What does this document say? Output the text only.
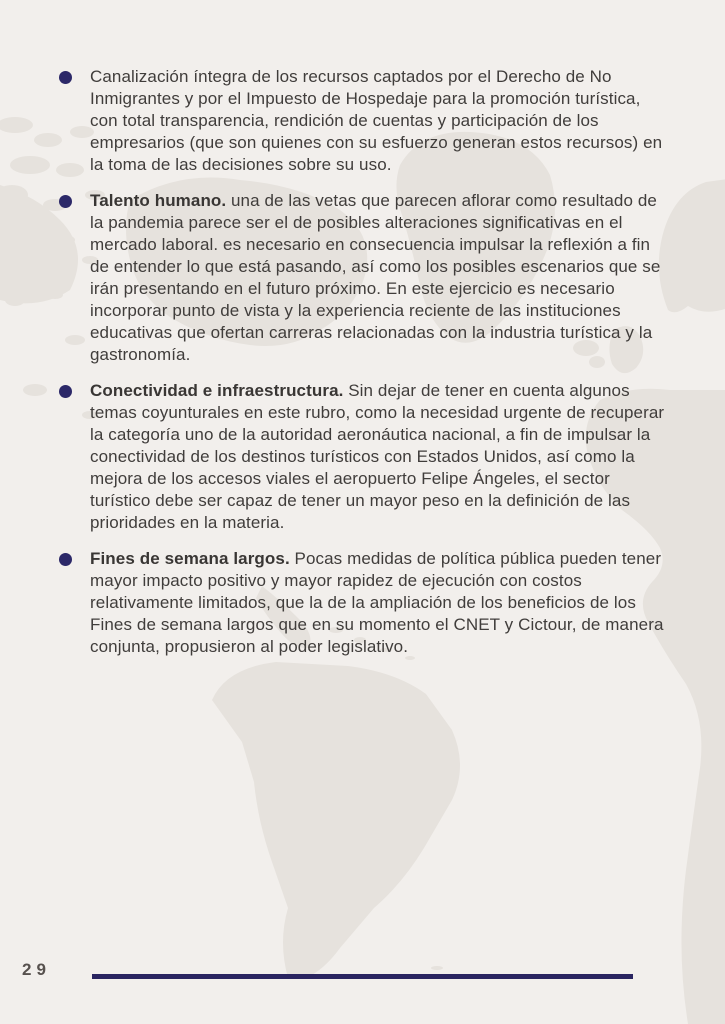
Canalización íntegra de los recursos captados por el Derecho de No Inmigrantes y por el Impuesto de Hospedaje para la promoción turística, con total transparencia, rendición de cuentas y participación de los empresarios (que son quienes con su esfuerzo generan estos recursos) en la toma de las decisiones sobre su uso.

Talento humano. una de las vetas que parecen aflorar como resultado de la pandemia parece ser el de posibles alteraciones significativas en el mercado laboral. es necesario en consecuencia impulsar la reflexión a fin de entender lo que está pasando, así como los posibles escenarios que se irán presentando en el futuro próximo. En este ejercicio es necesario incorporar punto de vista y la experiencia reciente de las instituciones educativas que ofertan carreras relacionadas con la industria turística y la gastronomía.

Conectividad e infraestructura. Sin dejar de tener en cuenta algunos temas coyunturales en este rubro, como la necesidad urgente de recuperar la categoría uno de la autoridad aeronáutica nacional, a fin de impulsar la conectividad de los destinos turísticos con Estados Unidos, así como la mejora de los accesos viales el aeropuerto Felipe Ángeles, el sector turístico debe ser capaz de tener un mayor peso en la definición de las prioridades en la materia.

Fines de semana largos. Pocas medidas de política pública pueden tener mayor impacto positivo y mayor rapidez de ejecución con costos relativamente limitados, que la de la ampliación de los beneficios de los Fines de semana largos que en su momento el CNET y Cictour, de manera conjunta, propusieron al poder legislativo.

29
